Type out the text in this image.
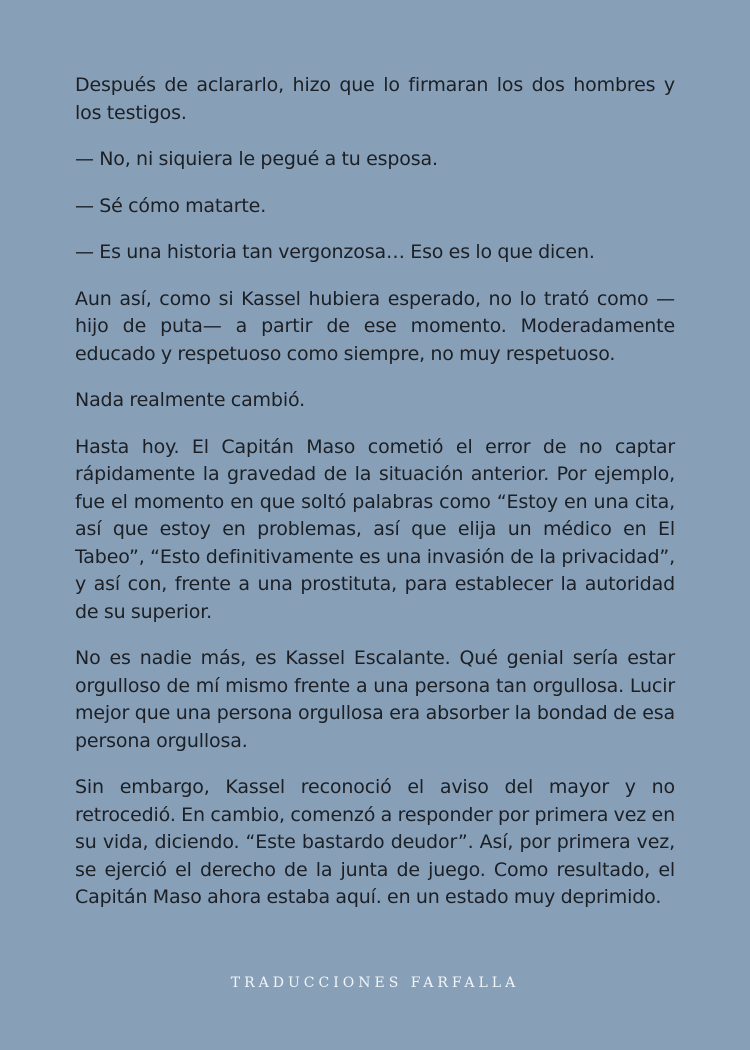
Después de aclararlo, hizo que lo firmaran los dos hombres y los testigos.

— No, ni siquiera le pegué a tu esposa.

— Sé cómo matarte.

— Es una historia tan vergonzosa… Eso es lo que dicen.

Aun así, como si Kassel hubiera esperado, no lo trató como — hijo de puta— a partir de ese momento. Moderadamente educado y respetuoso como siempre, no muy respetuoso.

Nada realmente cambió.

Hasta hoy. El Capitán Maso cometió el error de no captar rápidamente la gravedad de la situación anterior. Por ejemplo, fue el momento en que soltó palabras como “Estoy en una cita, así que estoy en problemas, así que elija un médico en El Tabeo”, “Esto definitivamente es una invasión de la privacidad”, y así con, frente a una prostituta, para establecer la autoridad de su superior.

No es nadie más, es Kassel Escalante. Qué genial sería estar orgulloso de mí mismo frente a una persona tan orgullosa. Lucir mejor que una persona orgullosa era absorber la bondad de esa persona orgullosa.

Sin embargo, Kassel reconoció el aviso del mayor y no retrocedió. En cambio, comenzó a responder por primera vez en su vida, diciendo. “Este bastardo deudor”. Así, por primera vez, se ejerció el derecho de la junta de juego. Como resultado, el Capitán Maso ahora estaba aquí. en un estado muy deprimido.

TRADUCCIONES FARFALLA
